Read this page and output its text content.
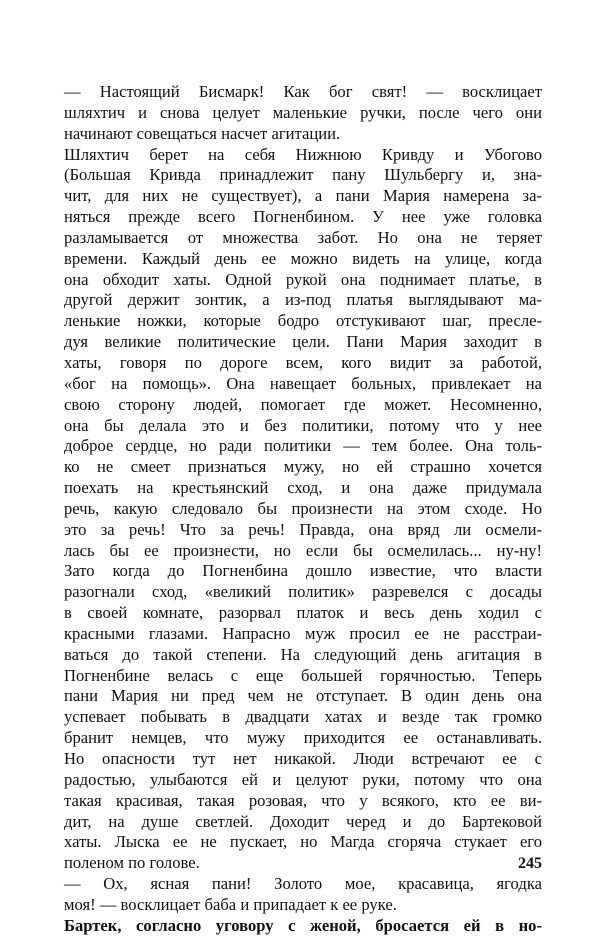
— Настоящий Бисмарк! Как бог свят! — восклицает
шляхтич и снова целует маленькие ручки, после чего они
начинают совещаться насчет агитации.
Шляхтич берет на себя Нижнюю Кривду и Убогово
(Большая Кривда принадлежит пану Шульбергу и, зна-
чит, для них не существует), а пани Мария намерена за-
няться прежде всего Погненбином. У нее уже головка
разламывается от множества забот. Но она не теряет
времени. Каждый день ее можно видеть на улице, когда
она обходит хаты. Одной рукой она поднимает платье, в
другой держит зонтик, а из-под платья выглядывают ма-
ленькие ножки, которые бодро отстукивают шаг, пресле-
дуя великие политические цели. Пани Мария заходит в
хаты, говоря по дороге всем, кого видит за работой,
«бог на помощь». Она навещает больных, привлекает на
свою сторону людей, помогает где может. Несомненно,
она бы делала это и без политики, потому что у нее
доброе сердце, но ради политики — тем более. Она толь-
ко не смеет признаться мужу, но ей страшно хочется
поехать на крестьянский сход, и она даже придумала
речь, какую следовало бы произнести на этом сходе. Но
это за речь! Что за речь! Правда, она вряд ли осмели-
лась бы ее произнести, но если бы осмелилась... ну-ну!
Зато когда до Погненбина дошло известие, что власти
разогнали сход, «великий политик» разревелся с досады
в своей комнате, разорвал платок и весь день ходил с
красными глазами. Напрасно муж просил ее не расстраи-
ваться до такой степени. На следующий день агитация в
Погненбине велась с еще большей горячностью. Теперь
пани Мария ни пред чем не отступает. В один день она
успевает побывать в двадцати хатах и везде так громко
бранит немцев, что мужу приходится ее останавливать.
Но опасности тут нет никакой. Люди встречают ее с
радостью, улыбаются ей и целуют руки, потому что она
такая красивая, такая розовая, что у всякого, кто ее ви-
дит, на душе светлей. Доходит черед и до Бартековой
хаты. Лыска ее не пускает, но Магда сгоряча стукает его
поленом по голове.
— Ох, ясная пани! Золото мое, красавица, ягодка
моя! — восклицает баба и припадает к ее руке.
Бартек, согласно уговору с женой, бросается ей в но-
245
